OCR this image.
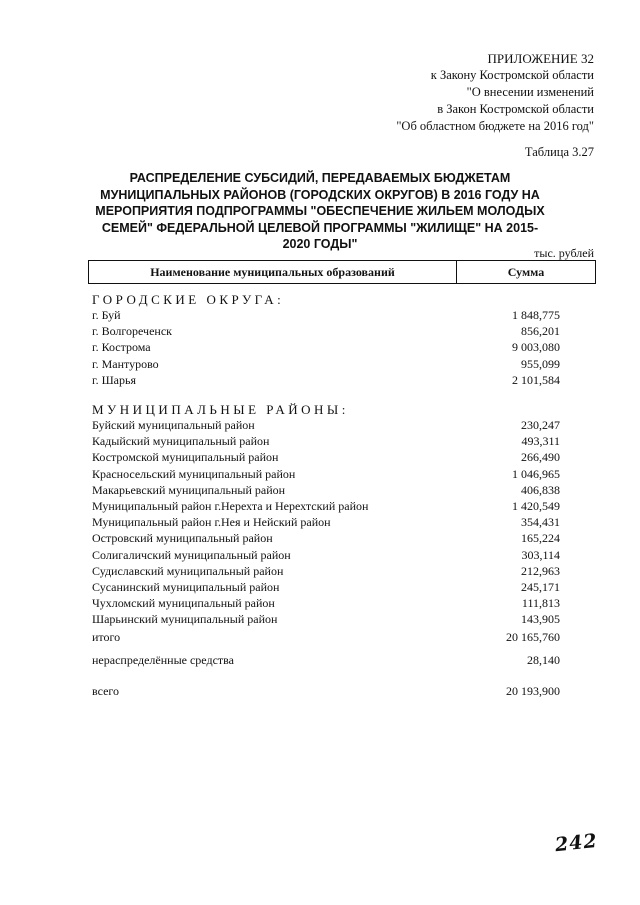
ПРИЛОЖЕНИЕ 32
к Закону Костромской области
"О внесении изменений
в Закон Костромской области
"Об областном бюджете на 2016 год"
Таблица 3.27
РАСПРЕДЕЛЕНИЕ СУБСИДИЙ, ПЕРЕДАВАЕМЫХ БЮДЖЕТАМ МУНИЦИПАЛЬНЫХ РАЙОНОВ (ГОРОДСКИХ ОКРУГОВ) В 2016 ГОДУ НА МЕРОПРИЯТИЯ ПОДПРОГРАММЫ "ОБЕСПЕЧЕНИЕ ЖИЛЬЕМ МОЛОДЫХ СЕМЕЙ" ФЕДЕРАЛЬНОЙ ЦЕЛЕВОЙ ПРОГРАММЫ "ЖИЛИЩЕ" НА 2015-2020 ГОДЫ"
тыс. рублей
Наименование муниципальных образований	Сумма
ГОРОДСКИЕ ОКРУГА:
г. Буй	1 848,775
г. Волгореченск	856,201
г. Кострома	9 003,080
г. Мантурово	955,099
г. Шарья	2 101,584
МУНИЦИПАЛЬНЫЕ РАЙОНЫ:
Буйский муниципальный район	230,247
Кадыйский муниципальный район	493,311
Костромской муниципальный район	266,490
Красносельский муниципальный район	1 046,965
Макарьевский муниципальный район	406,838
Муниципальный район г.Нерехта и Нерехтский район	1 420,549
Муниципальный район г.Нея и Нейский район	354,431
Островский муниципальный район	165,224
Солигаличский муниципальный район	303,114
Судиславский муниципальный район	212,963
Сусанинский муниципальный район	245,171
Чухломский муниципальный район	111,813
Шарьинский муниципальный район	143,905
итого	20 165,760
нераспределённые средства	28,140
всего	20 193,900
242
